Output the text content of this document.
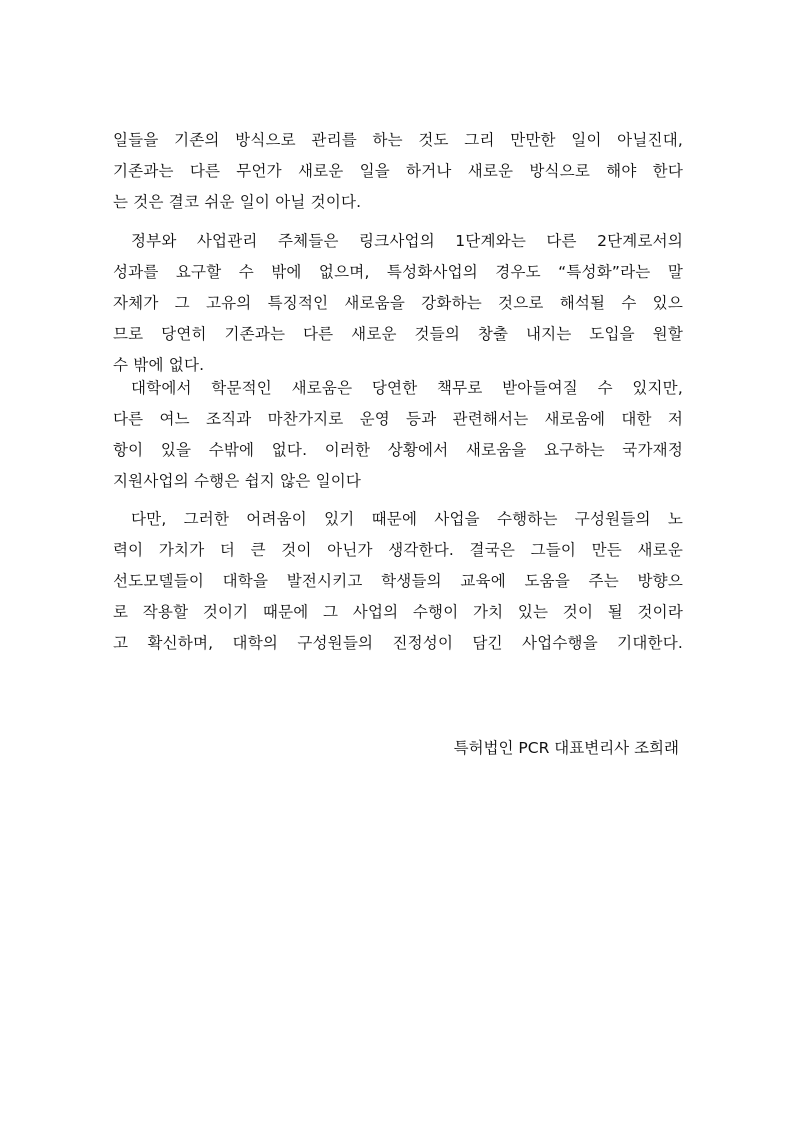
일들을 기존의 방식으로 관리를 하는 것도 그리 만만한 일이 아닐진대,
기존과는 다른 무언가 새로운 일을 하거나 새로운 방식으로 해야 한다
는 것은 결코 쉬운 일이 아닐 것이다.
정부와 사업관리 주체들은 링크사업의 1단계와는 다른 2단계로서의
성과를 요구할 수 밖에 없으며, 특성화사업의 경우도 “특성화”라는 말
자체가 그 고유의 특징적인 새로움을 강화하는 것으로 해석될 수 있으
므로 당연히 기존과는 다른 새로운 것들의 창출 내지는 도입을 원할
수 밖에 없다.
대학에서 학문적인 새로움은 당연한 책무로 받아들여질 수 있지만,
다른 여느 조직과 마찬가지로 운영 등과 관련해서는 새로움에 대한 저
항이 있을 수밖에 없다. 이러한 상황에서 새로움을 요구하는 국가재정
지원사업의 수행은 쉽지 않은 일이다
다만, 그러한 어려움이 있기 때문에 사업을 수행하는 구성원들의 노
력이 가치가 더 큰 것이 아닌가 생각한다. 결국은 그들이 만든 새로운
선도모델들이 대학을 발전시키고 학생들의 교육에 도움을 주는 방향으
로 작용할 것이기 때문에 그 사업의 수행이 가치 있는 것이 될 것이라
고 확신하며, 대학의 구성원들의 진정성이 담긴 사업수행을 기대한다.
특허법인 PCR 대표변리사 조희래
